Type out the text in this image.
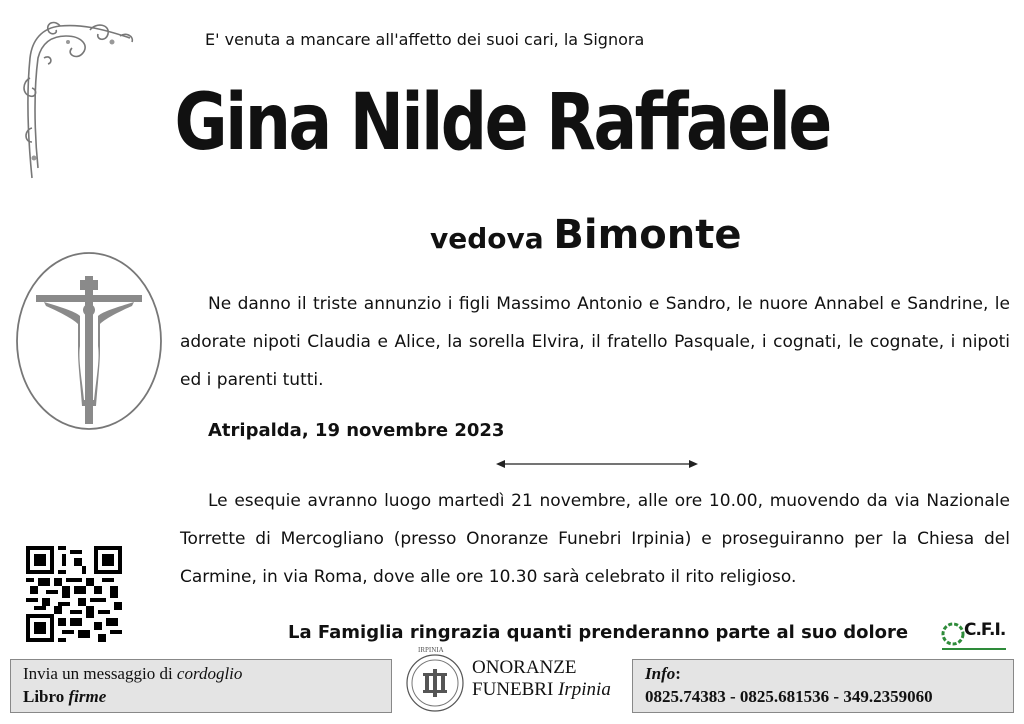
E' venuta a mancare all'affetto dei suoi cari, la Signora
Gina Nilde Raffaele
vedova Bimonte
Ne danno il triste annunzio i figli Massimo Antonio e Sandro, le nuore Annabel e Sandrine, le adorate nipoti Claudia e Alice, la sorella Elvira, il fratello Pasquale, i cognati, le cognate, i nipoti ed i parenti tutti.
Atripalda, 19 novembre 2023
Le esequie avranno luogo martedì 21 novembre, alle ore 10.00, muovendo da via Nazionale Torrette di Mercogliano (presso Onoranze Funebri Irpinia) e proseguiranno per la Chiesa del Carmine, in via Roma, dove alle ore 10.30 sarà celebrato il rito religioso.
La Famiglia ringrazia quanti prenderanno parte al suo dolore	C.F.I.
Invia un messaggio di cordoglio
Libro firme
IRPINIA
ONORANZE
FUNEBRI Irpinia
Info:
0825.74383 - 0825.681536 - 349.2359060
